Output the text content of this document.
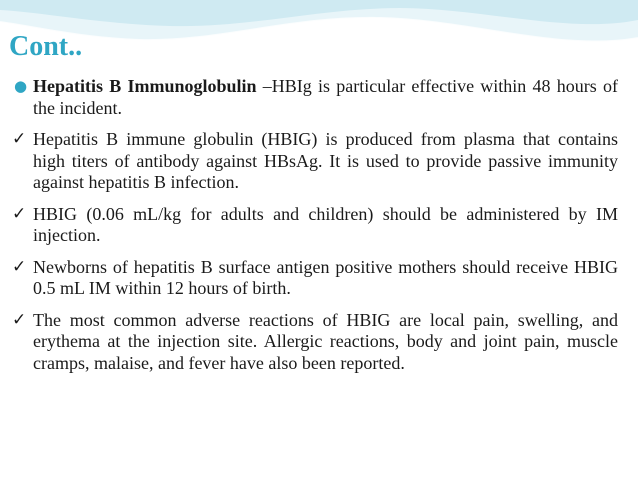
Cont..
● Hepatitis B Immunoglobulin –HBIg is particular effective within 48 hours of the incident.
✓ Hepatitis B immune globulin (HBIG) is produced from plasma that contains high titers of antibody against HBsAg. It is used to provide passive immunity against hepatitis B infection.
✓ HBIG (0.06 mL/kg for adults and children) should be administered by IM injection.
✓ Newborns of hepatitis B surface antigen positive mothers should receive HBIG 0.5 mL IM within 12 hours of birth.
✓ The most common adverse reactions of HBIG are local pain, swelling, and erythema at the injection site. Allergic reactions, body and joint pain, muscle cramps, malaise, and fever have also been reported.
